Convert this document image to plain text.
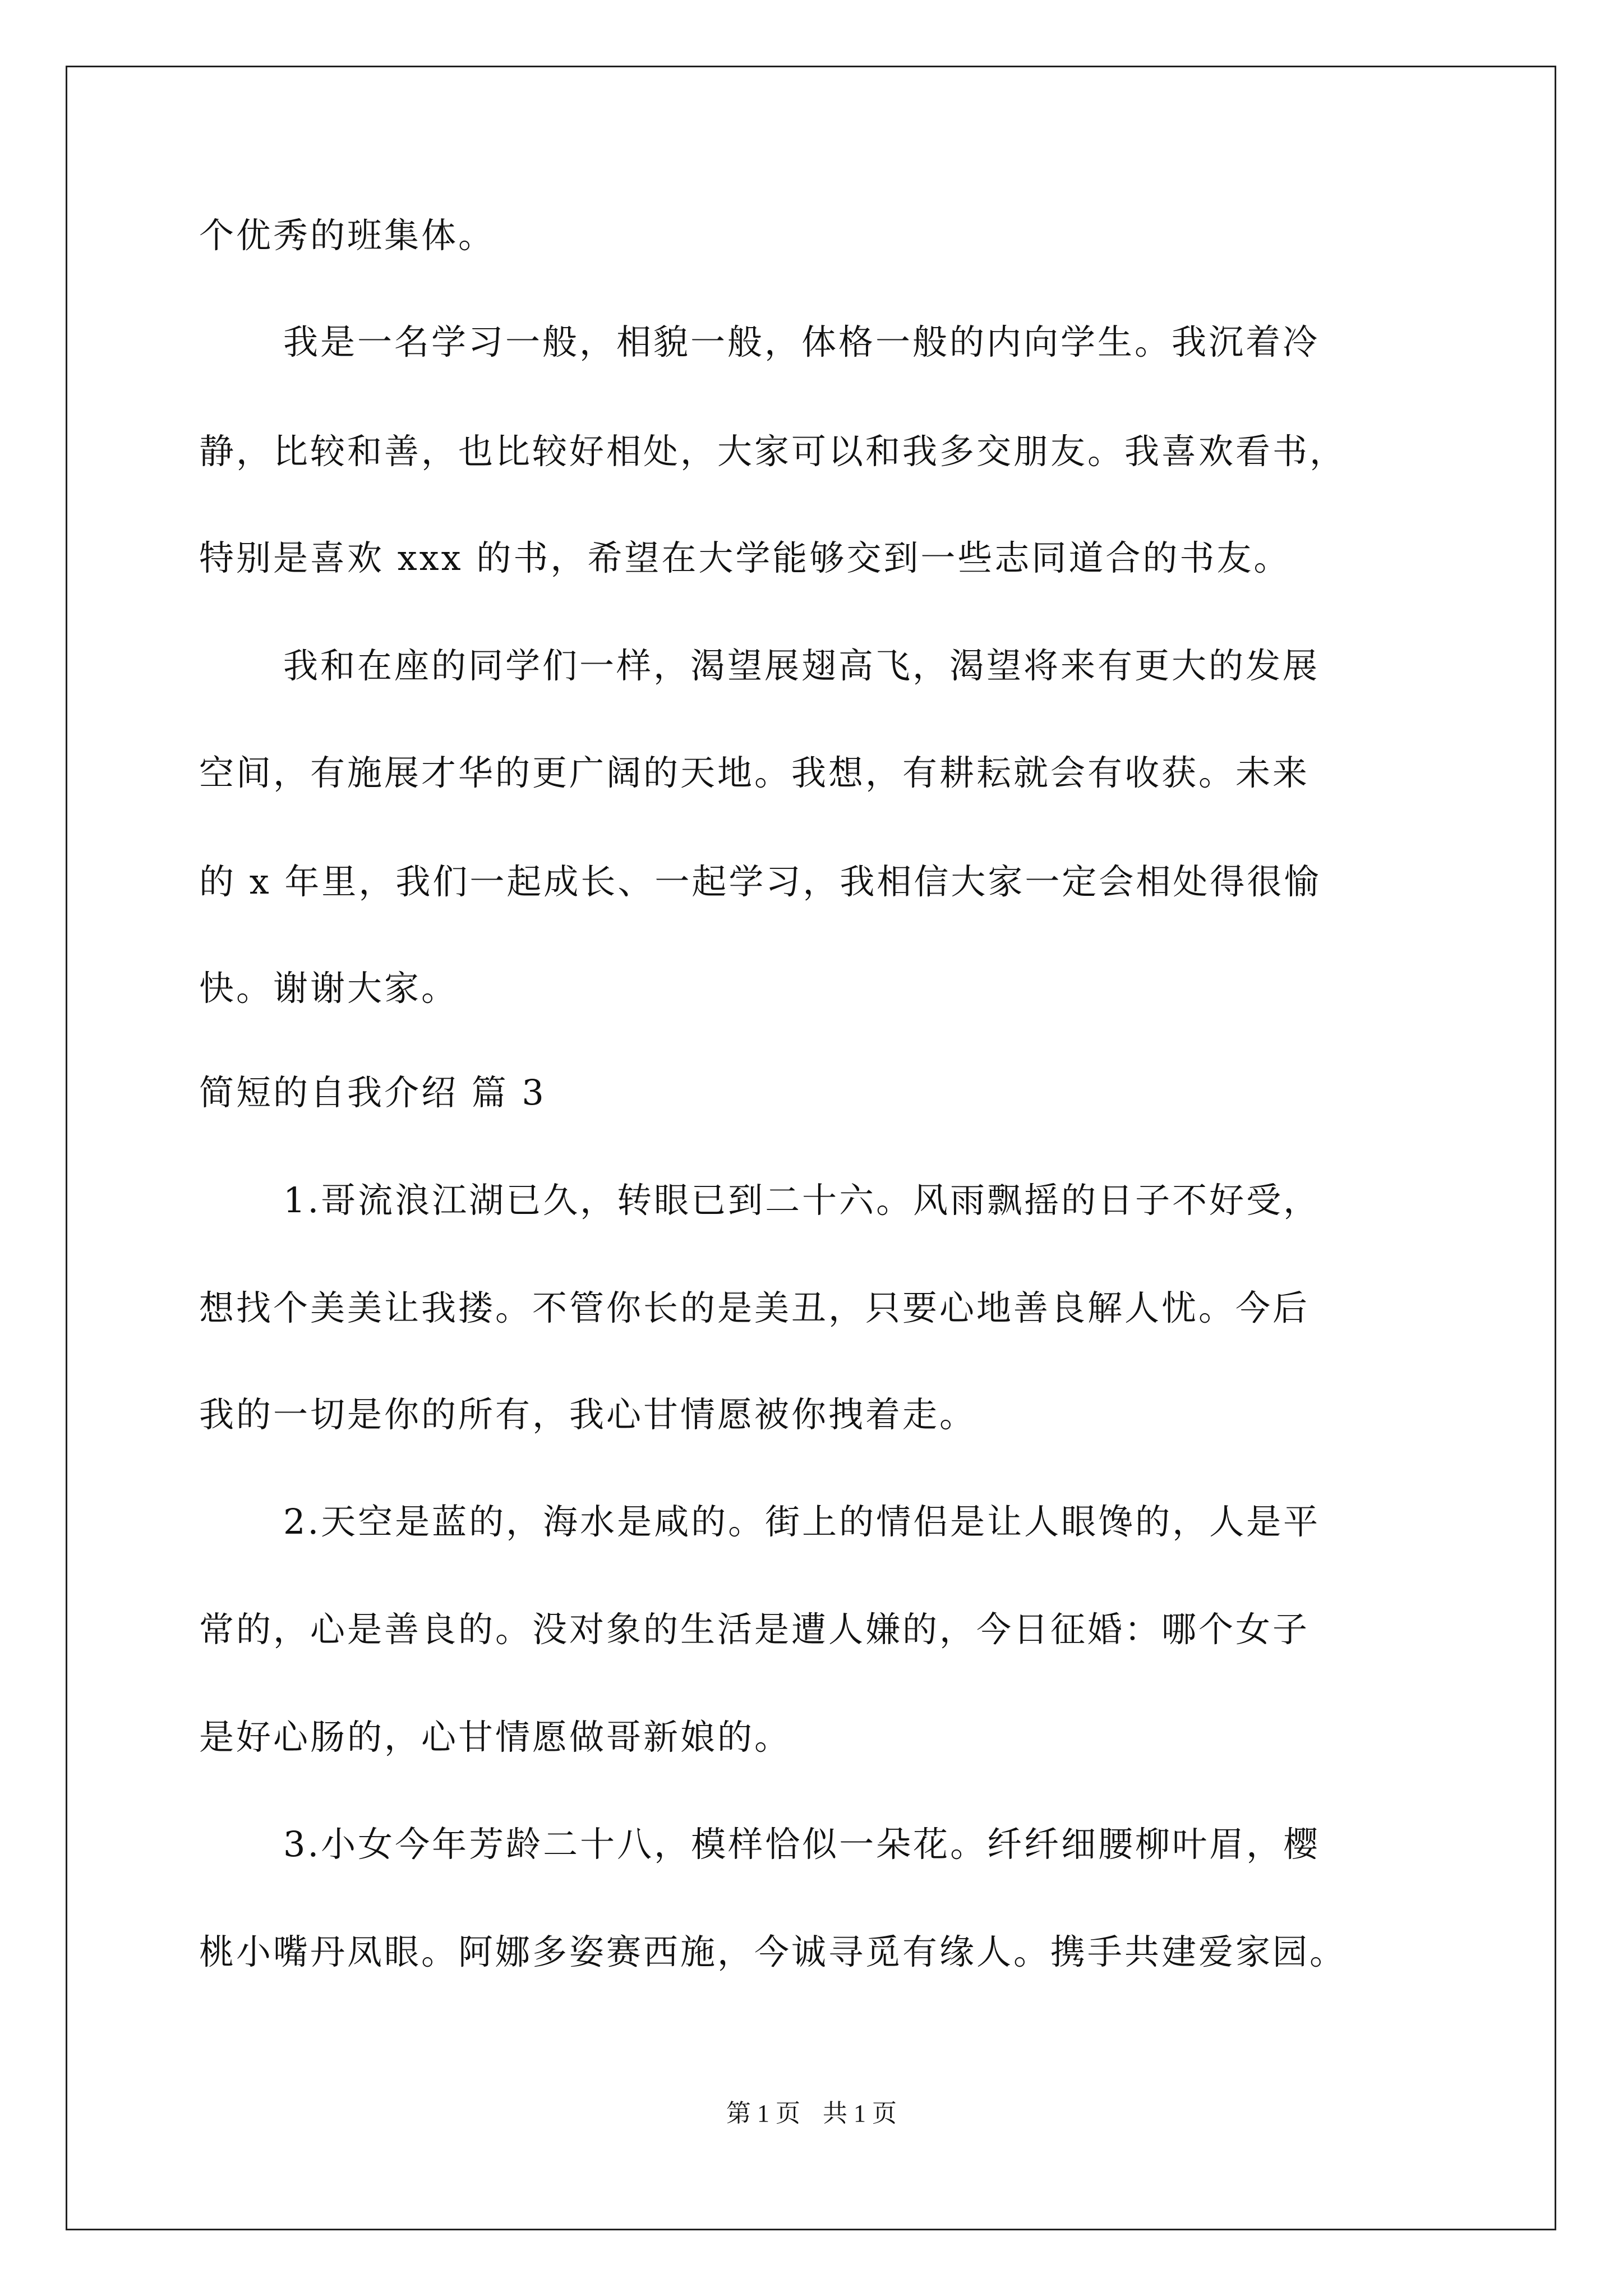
个优秀的班集体。
我是一名学习一般，相貌一般，体格一般的内向学生。我沉着冷
静，比较和善，也比较好相处，大家可以和我多交朋友。我喜欢看书，
特别是喜欢 xxx 的书，希望在大学能够交到一些志同道合的书友。
我和在座的同学们一样，渴望展翅高飞，渴望将来有更大的发展
空间，有施展才华的更广阔的天地。我想，有耕耘就会有收获。未来
的 x 年里，我们一起成长、一起学习，我相信大家一定会相处得很愉
快。谢谢大家。
简短的自我介绍 篇 3
1.哥流浪江湖已久，转眼已到二十六。风雨飘摇的日子不好受，
想找个美美让我搂。不管你长的是美丑，只要心地善良解人忧。今后
我的一切是你的所有，我心甘情愿被你拽着走。
2.天空是蓝的，海水是咸的。街上的情侣是让人眼馋的，人是平
常的，心是善良的。没对象的生活是遭人嫌的，今日征婚：哪个女子
是好心肠的，心甘情愿做哥新娘的。
3.小女今年芳龄二十八，模样恰似一朵花。纤纤细腰柳叶眉，樱
桃小嘴丹凤眼。阿娜多姿赛西施，今诚寻觅有缘人。携手共建爱家园。
第 1 页 共 1 页
